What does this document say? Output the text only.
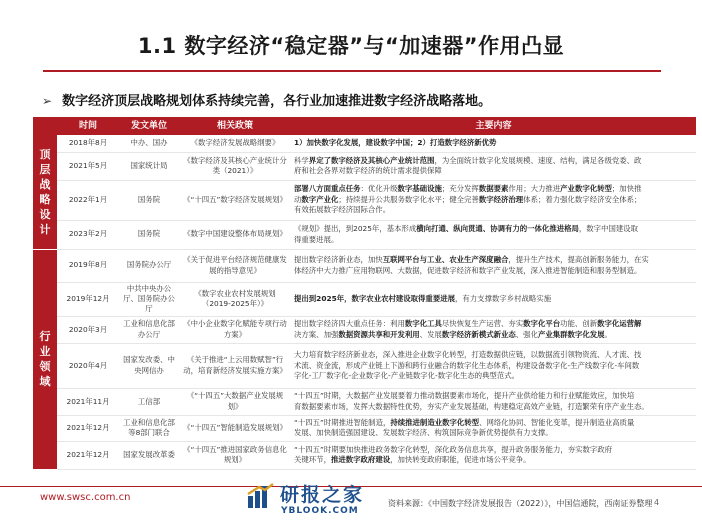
1.1 数字经济“稳定器”与“加速器”作用凸显
➢ 数字经济顶层战略规划体系持续完善，各行业加速推进数字经济战略落地。
	时间	发文单位	相关政策	主要内容
顶层战略设计	2018年8月	中办、国办	《数字经济发展战略纲要》	1）加快数字化发展，建设数字中国；2）打造数字经济新优势

	2021年5月	国家统计局	《数字经济及其核心产业统计分类（2021）》	科学界定了数字经济及其核心产业统计范围，为全面统计数字化发展规模、速度、结构，满足各级党委、政
府和社会各界对数字经济的统计需求提供保障

	2022年1月	国务院	《“十四五”数字经济发展规划》	部署八方面重点任务：优化升级数字基础设施；充分发挥数据要素作用；大力推进产业数字化转型；加快推
动数字产业化；持续提升公共服务数字化水平；健全完善数字经济治理体系；着力强化数字经济安全体系；
有效拓展数字经济国际合作。

	2023年2月	国务院	《数字中国建设整体布局规划》	《规划》提出，到2025年，基本形成横向打通、纵向贯通、协调有力的一体化推进格局，数字中国建设取
得重要进展。

行业领域	2019年8月	国务院办公厅	《关于促进平台经济规范健康发展的指导意见》	提出数字经济新业态，加快互联网平台与工业、农业生产深度融合，提升生产技术，提高创新服务能力，在实
体经济中大力推广应用物联网、大数据，促进数字经济和数字产业发展，深入推进智能制造和服务型制造。

	2019年12月	中共中央办公厅、国务院办公厅	《数字农业农村发展规划（2019-2025年）》	提出到2025年，数字农业农村建设取得重要进展，有力支撑数字乡村战略实施

	2020年3月	工业和信息化部办公厅	《中小企业数字化赋能专项行动方案》	提出数字经济四大重点任务：利用数字化工具尽快恢复生产运营、夯实数字化平台功能、创新数字化运营解
决方案、加强数据资源共享和开发利用、发展数字经济新模式新业态、强化产业集群数字化发展。

	2020年4月	国家发改委、中央网信办	《关于推进“上云用数赋智”行动，培育新经济发展实施方案》	大力培育数字经济新业态，深入推进企业数字化转型，打造数据供应链，以数据流引领物资流、人才流、技
术流、资金流，形成产业链上下游和跨行业融合的数字化生态体系，构建设备数字化-生产线数字化-车间数
字化-工厂数字化-企业数字化-产业链数字化-数字化生态的典型范式。

	2021年11月	工信部	《“十四五”大数据产业发展规划》	“十四五”时期，大数据产业发展要着力推动数据要素市场化，提升产业供给能力和行业赋能效应，加快培
育数据要素市场，发挥大数据特性优势，夯实产业发展基础，构建稳定高效产业链，打造繁荣有序产业生态。

	2021年12月	工业和信息化部等8部门联合	《“十四五”智能制造发展规划》	“十四五”时期推进智能制造，持续推进制造业数字化转型、网络化协同、智能化变革，提升制造业高质量
发展、加快制造强国建设、发展数字经济、构筑国际竞争新优势提供有力支撑。

	2021年12月	国家发展改革委	《“十四五”推进国家政务信息化规划》	“十四五”时期要加快推进政务数字化转型，深化政务信息共享，提升政务服务能力，夯实数字政府
关键环节，推进数字政府建设，加快转变政府职能，促进市场公平竞争。
www.swsc.com.cn	研报之家
YBLOOK.COM
资料来源：《中国数字经济发展报告（2022）》，中国信通院，西南证券整理 4
